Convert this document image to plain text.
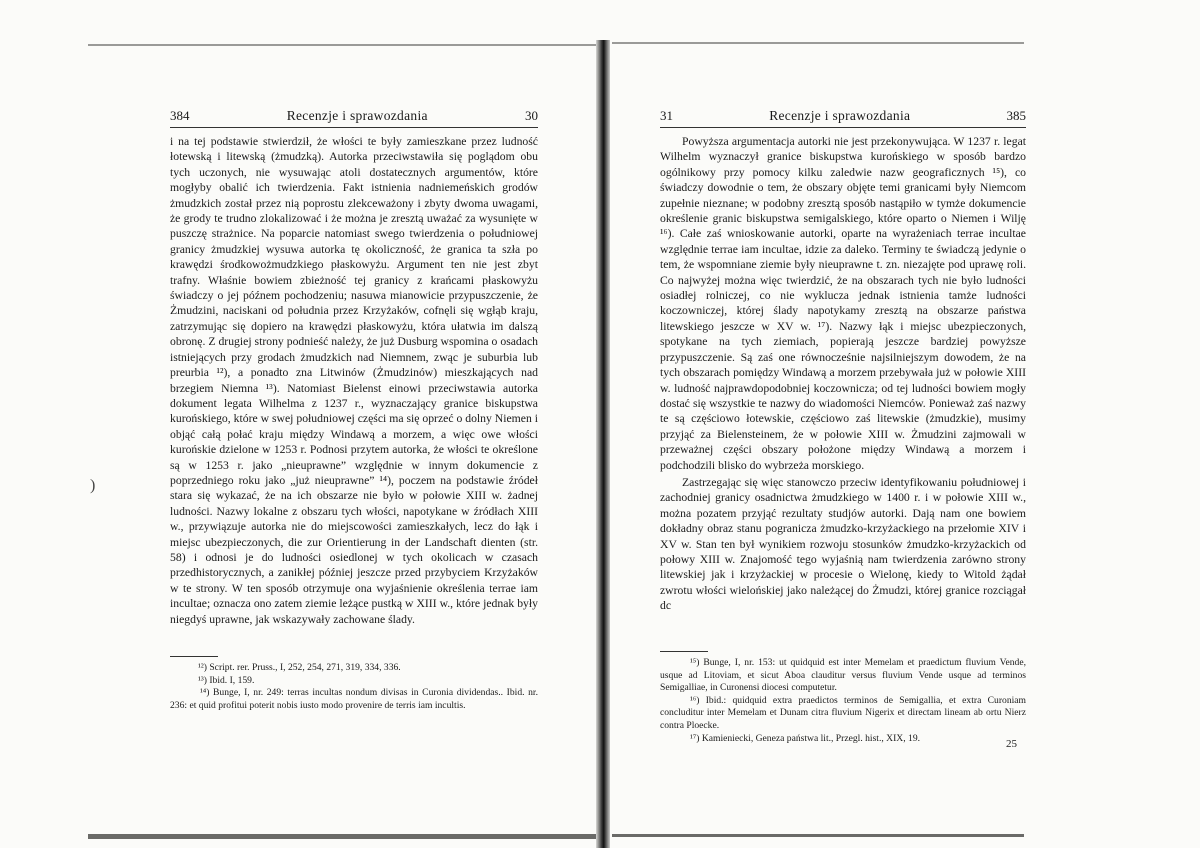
)
384	Recenzje i sprawozdania	30

i na tej podstawie stwierdził, że włości te były zamieszkane przez ludność łotewską i litewską (żmudzką). Autorka przeciwstawiła się poglądom obu tych uczonych, nie wysuwając atoli dostatecznych argumentów, które mogłyby obalić ich twierdzenia. Fakt istnienia nadniemeńskich grodów żmudzkich został przez nią poprostu zlekceważony i zbyty dwoma uwagami, że grody te trudno zlokalizować i że można je zresztą uważać za wysunięte w puszczę strażnice. Na poparcie natomiast swego twierdzenia o południowej granicy żmudzkiej wysuwa autorka tę okoliczność, że granica ta szła po krawędzi środkowożmudzkiego płaskowyżu. Argument ten nie jest zbyt trafny. Właśnie bowiem zbieżność tej granicy z krańcami płaskowyżu świadczy o jej późnem pochodzeniu; nasuwa mianowicie przypuszczenie, że Żmudzini, naciskani od południa przez Krzyżaków, cofnęli się wgłąb kraju, zatrzymując się dopiero na krawędzi płaskowyżu, która ułatwia im dalszą obronę. Z drugiej strony podnieść należy, że już Dusburg wspomina o osadach istniejących przy grodach żmudzkich nad Niemnem, zwąc je suburbia lub preurbia ¹²), a ponadto zna Litwinów (Żmudzinów) mieszkających nad brzegiem Niemna ¹³). Natomiast Bielenst einowi przeciwstawia autorka dokument legata Wilhelma z 1237 r., wyznaczający granice biskupstwa kurońskiego, które w swej południowej części ma się oprzeć o dolny Niemen i objąć całą połać kraju między Windawą a morzem, a więc owe włości kurońskie dzielone w 1253 r. Podnosi przytem autorka, że włości te określone są w 1253 r. jako „nieuprawne” względnie w innym dokumencie z poprzedniego roku jako „już nieuprawne” ¹⁴), poczem na podstawie źródeł stara się wykazać, że na ich obszarze nie było w połowie XIII w. żadnej ludności. Nazwy lokalne z obszaru tych włości, napotykane w źródłach XIII w., przywiązuje autorka nie do miejscowości zamieszkałych, lecz do łąk i miejsc ubezpieczonych, die zur Orientierung in der Landschaft dienten (str. 58) i odnosi je do ludności osiedlonej w tych okolicach w czasach przedhistorycznych, a zanikłej później jeszcze przed przybyciem Krzyżaków w te strony. W ten sposób otrzymuje ona wyjaśnienie określenia terrae iam incultae; oznacza ono zatem ziemie leżące pustką w XIII w., które jednak były niegdyś uprawne, jak wskazywały zachowane ślady.

¹²) Script. rer. Pruss., I, 252, 254, 271, 319, 334, 336.
¹³) Ibid. I, 159.
¹⁴) Bunge, I, nr. 249: terras incultas nondum divisas in Curonia dividendas.. Ibid. nr. 236: et quid profitui poterit nobis iusto modo provenire de terris iam incultis.
31	Recenzje i sprawozdania	385

Powyższa argumentacja autorki nie jest przekonywująca. W 1237 r. legat Wilhelm wyznaczył granice biskupstwa kurońskiego w sposób bardzo ogólnikowy przy pomocy kilku zaledwie nazw geograficznych ¹⁵), co świadczy dowodnie o tem, że obszary objęte temi granicami były Niemcom zupełnie nieznane; w podobny zresztą sposób nastąpiło w tymże dokumencie określenie granic biskupstwa semigalskiego, które oparto o Niemen i Wilję ¹⁶). Całe zaś wnioskowanie autorki, oparte na wyrażeniach terrae incultae względnie terrae iam incultae, idzie za daleko. Terminy te świadczą jedynie o tem, że wspomniane ziemie były nieuprawne t. zn. niezajęte pod uprawę roli. Co najwyżej można więc twierdzić, że na obszarach tych nie było ludności osiadłej rolniczej, co nie wyklucza jednak istnienia tamże ludności koczowniczej, której ślady napotykamy zresztą na obszarze państwa litewskiego jeszcze w XV w. ¹⁷). Nazwy łąk i miejsc ubezpieczonych, spotykane na tych ziemiach, popierają jeszcze bardziej powyższe przypuszczenie. Są zaś one równocześnie najsilniejszym dowodem, że na tych obszarach pomiędzy Windawą a morzem przebywała już w połowie XIII w. ludność najprawdopodobniej koczownicza; od tej ludności bowiem mogły dostać się wszystkie te nazwy do wiadomości Niemców. Ponieważ zaś nazwy te są częściowo łotewskie, częściowo zaś litewskie (żmudzkie), musimy przyjąć za Bielensteinem, że w połowie XIII w. Żmudzini zajmowali w przeważnej części obszary położone między Windawą a morzem i podchodzili blisko do wybrzeża morskiego.

Zastrzegając się więc stanowczo przeciw identyfikowaniu południowej i zachodniej granicy osadnictwa żmudzkiego w 1400 r. i w połowie XIII w., można pozatem przyjąć rezultaty studjów autorki. Dają nam one bowiem dokładny obraz stanu pogranicza żmudzko-krzyżackiego na przełomie XIV i XV w. Stan ten był wynikiem rozwoju stosunków żmudzko-krzyżackich od połowy XIII w. Znajomość tego wyjaśnią nam twierdzenia zarówno strony litewskiej jak i krzyżackiej w procesie o Wielonę, kiedy to Witold żądał zwrotu włości wielońskiej jako należącej do Żmudzi, której granice rozciągał dc

¹⁵) Bunge, I, nr. 153: ut quidquid est inter Memelam et praedictum fluvium Vende, usque ad Litoviam, et sicut Aboa clauditur versus fluvium Vende usque ad terminos Semigalliae, in Curonensi diocesi computetur.
¹⁶) Ibid.: quidquid extra praedictos terminos de Semigallia, et extra Curoniam concluditur inter Memelam et Dunam citra fluvium Nigerix et directam lineam ab ortu Nierz contra Ploecke.
¹⁷) Kamieniecki, Geneza państwa lit., Przegl. hist., XIX, 19.	25
